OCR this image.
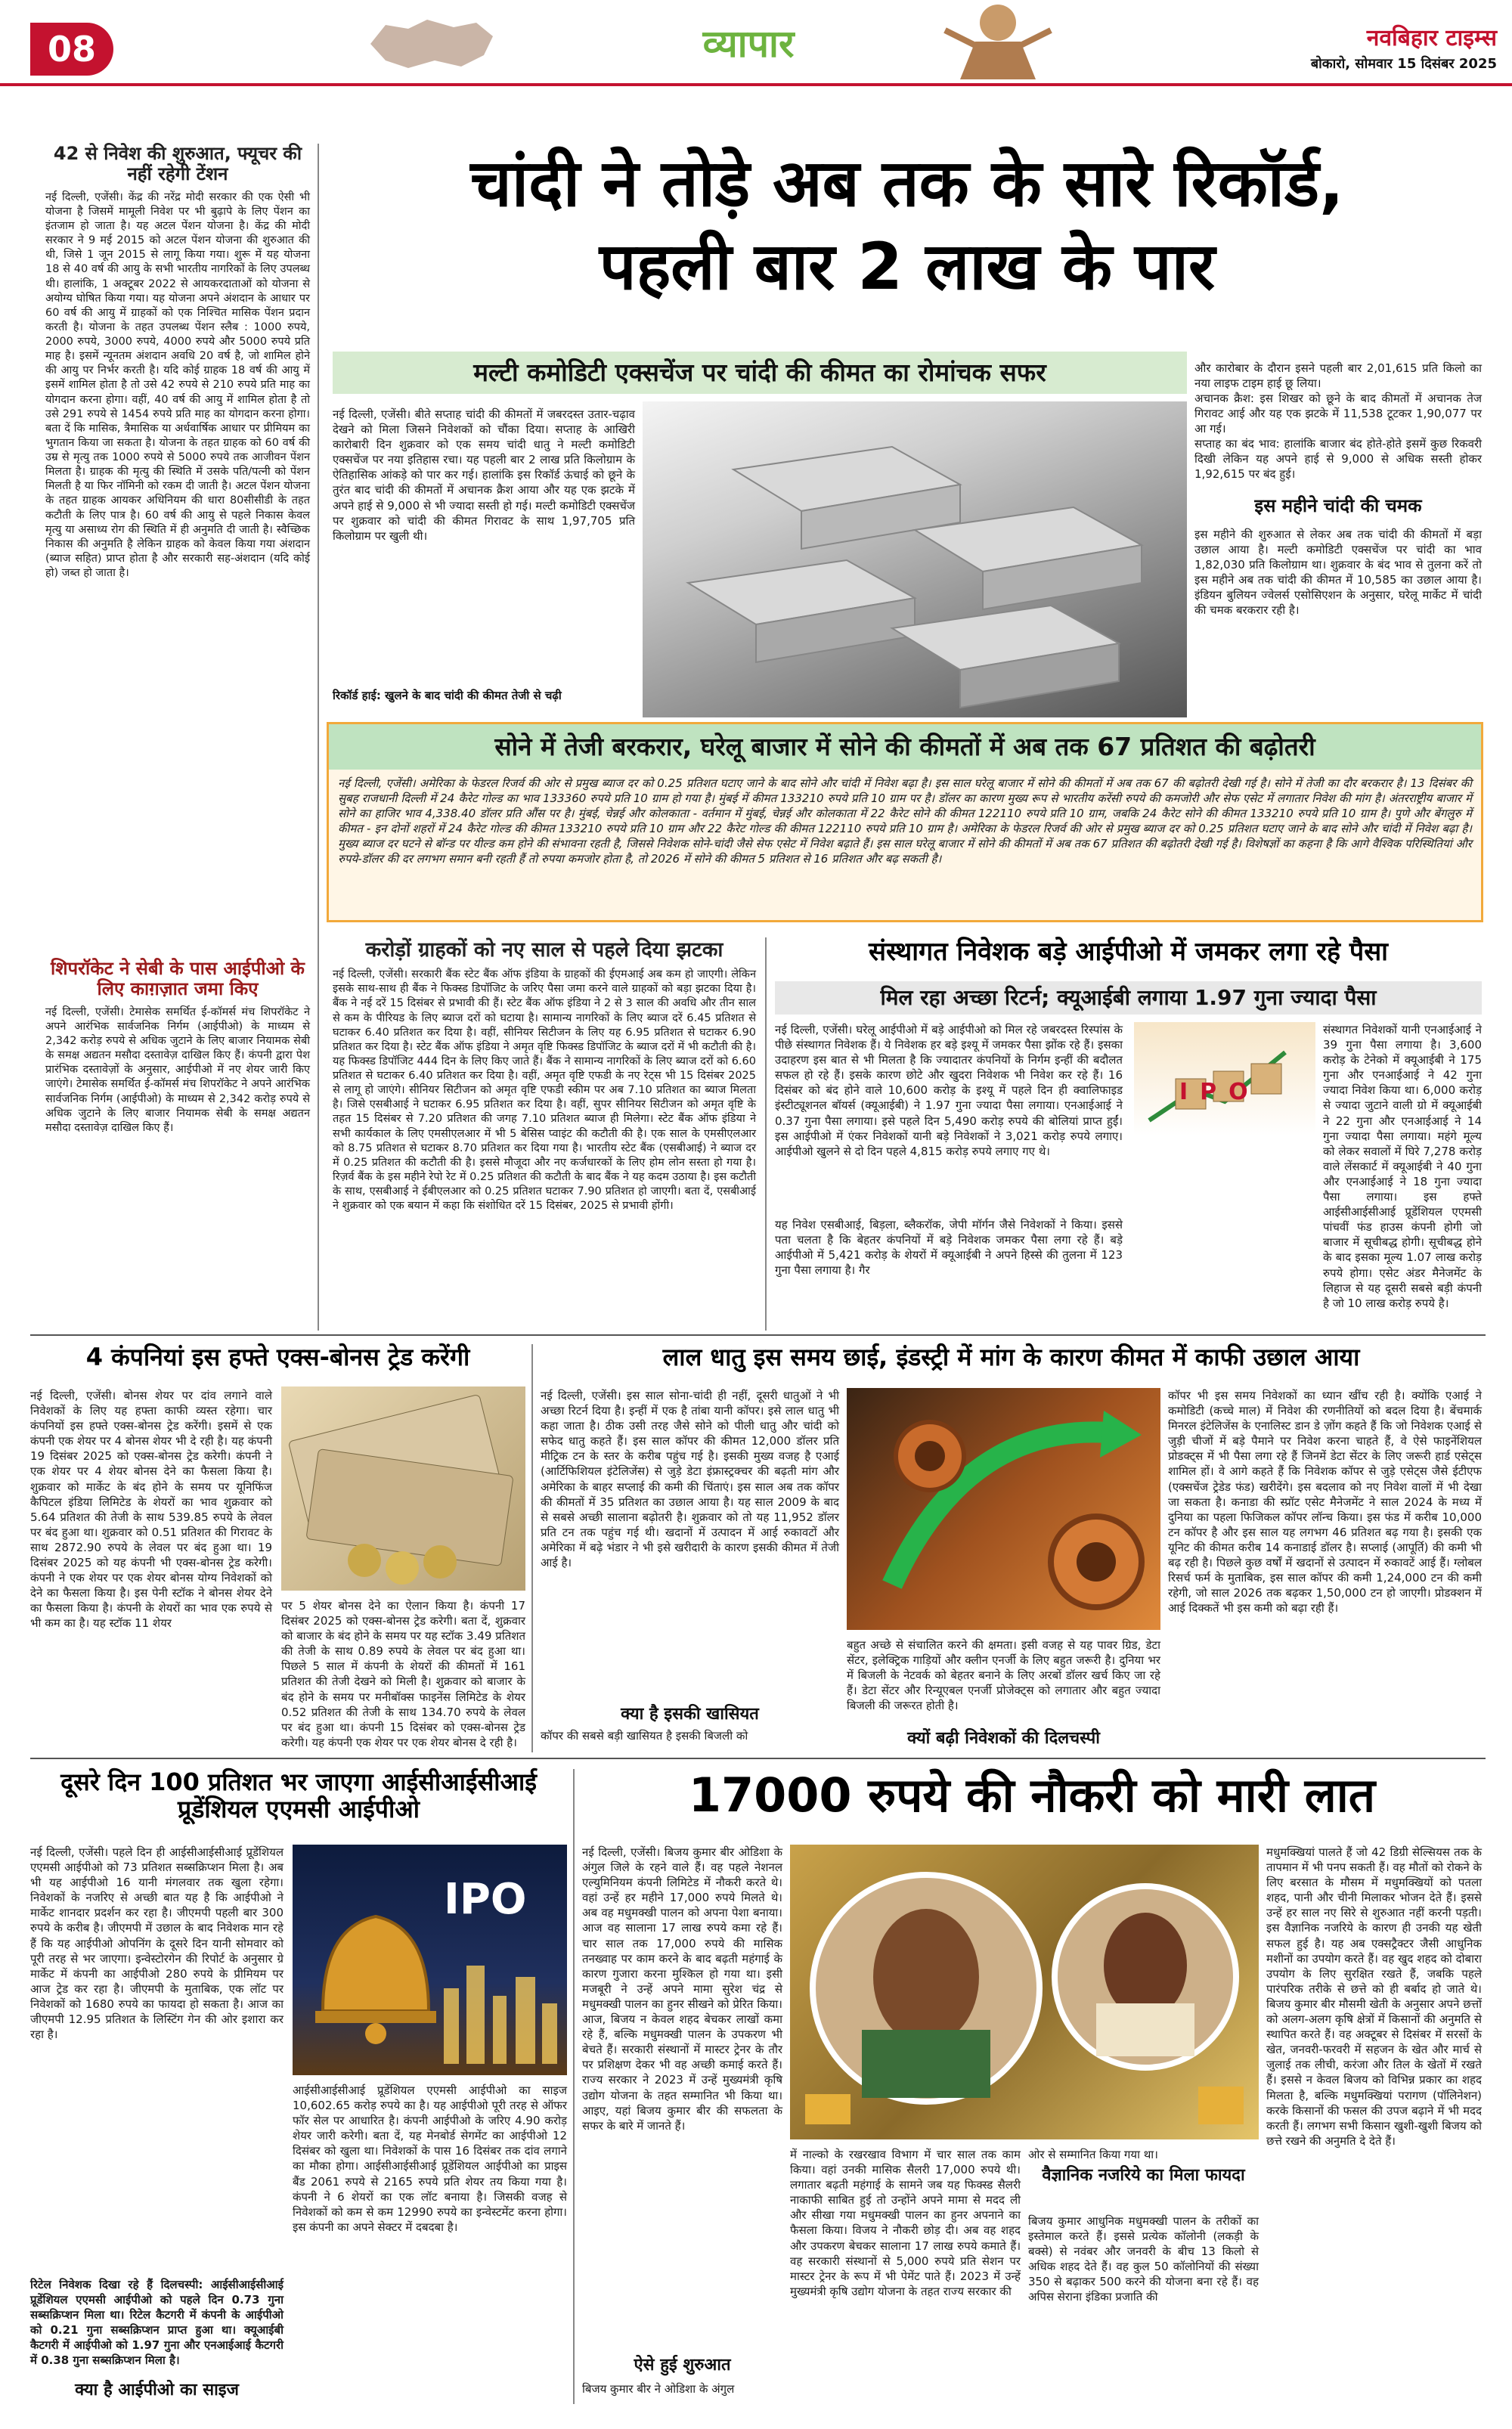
08	व्यापार	नवबिहार टाइम्स
बोकारो, सोमवार 15 दिसंबर 2025
42 से निवेश की शुरुआत, फ्यूचर की नहीं रहेगी टेंशन
नई दिल्ली, एजेंसी। केंद्र की नरेंद्र मोदी सरकार की एक ऐसी भी योजना है जिसमें मामूली निवेश पर भी बुढ़ापे के लिए पेंशन का इंतजाम हो जाता है। यह अटल पेंशन योजना है। केंद्र की मोदी सरकार ने 9 मई 2015 को अटल पेंशन योजना की शुरुआत की थी, जिसे 1 जून 2015 से लागू किया गया। शुरू में यह योजना 18 से 40 वर्ष की आयु के सभी भारतीय नागरिकों के लिए उपलब्ध थी। हालांकि, 1 अक्टूबर 2022 से आयकरदाताओं को योजना से अयोग्य घोषित किया गया। यह योजना अपने अंशदान के आधार पर 60 वर्ष की आयु में ग्राहकों को एक निश्चित मासिक पेंशन प्रदान करती है। योजना के तहत उपलब्ध पेंशन स्लैब : 1000 रुपये, 2000 रुपये, 3000 रुपये, 4000 रुपये और 5000 रुपये प्रति माह है। इसमें न्यूनतम अंशदान अवधि 20 वर्ष है, जो शामिल होने की आयु पर निर्भर करती है। यदि कोई ग्राहक 18 वर्ष की आयु में इसमें शामिल होता है तो उसे 42 रुपये से 210 रुपये प्रति माह का योगदान करना होगा। वहीं, 40 वर्ष की आयु में शामिल होता है तो उसे 291 रुपये से 1454 रुपये प्रति माह का योगदान करना होगा। बता दें कि मासिक, त्रैमासिक या अर्धवार्षिक आधार पर प्रीमियम का भुगतान किया जा सकता है। योजना के तहत ग्राहक को 60 वर्ष की उम्र से मृत्यु तक 1000 रुपये से 5000 रुपये तक आजीवन पेंशन मिलता है। ग्राहक की मृत्यु की स्थिति में उसके पति/पत्नी को पेंशन मिलती है या फिर नॉमिनी को रकम दी जाती है। अटल पेंशन योजना के तहत ग्राहक आयकर अधिनियम की धारा 80सीसीडी के तहत कटौती के लिए पात्र है। 60 वर्ष की आयु से पहले निकास केवल मृत्यु या असाध्य रोग की स्थिति में ही अनुमति दी जाती है। स्वैच्छिक निकास की अनुमति है लेकिन ग्राहक को केवल किया गया अंशदान (ब्याज सहित) प्राप्त होता है और सरकारी सह-अंशदान (यदि कोई हो) जब्त हो जाता है।
शिपरॉकेट ने सेबी के पास आईपीओ के लिए काग़ज़ात जमा किए
नई दिल्ली, एजेंसी। टेमासेक समर्थित ई-कॉमर्स मंच शिपरॉकेट ने अपने आरंभिक सार्वजनिक निर्गम (आईपीओ) के माध्यम से 2,342 करोड़ रुपये से अधिक जुटाने के लिए बाजार नियामक सेबी के समक्ष अद्यतन मसौदा दस्तावेज़ दाखिल किए हैं। कंपनी द्वारा पेश प्रारंभिक दस्तावेज़ों के अनुसार, आईपीओ में नए शेयर जारी किए जाएंगे। टेमासेक समर्थित ई-कॉमर्स मंच शिपरॉकेट ने अपने आरंभिक सार्वजनिक निर्गम (आईपीओ) के माध्यम से 2,342 करोड़ रुपये से अधिक जुटाने के लिए बाजार नियामक सेबी के समक्ष अद्यतन मसौदा दस्तावेज़ दाखिल किए हैं।
चांदी ने तोड़े अब तक के सारे रिकॉर्ड,
पहली बार 2 लाख के पार
मल्टी कमोडिटी एक्सचेंज पर चांदी की कीमत का रोमांचक सफर
नई दिल्ली, एजेंसी। बीते सप्ताह चांदी की कीमतों में जबरदस्त उतार-चढ़ाव देखने को मिला जिसने निवेशकों को चौंका दिया। सप्ताह के आखिरी कारोबारी दिन शुक्रवार को एक समय चांदी धातु ने मल्टी कमोडिटी एक्सचेंज पर नया इतिहास रचा। यह पहली बार 2 लाख प्रति किलोग्राम के ऐतिहासिक आंकड़े को पार कर गई। हालांकि इस रिकॉर्ड ऊंचाई को छूने के तुरंत बाद चांदी की कीमतों में अचानक क्रैश आया और यह एक झटके में अपने हाई से 9,000 से भी ज्यादा सस्ती हो गई। मल्टी कमोडिटी एक्सचेंज पर शुक्रवार को चांदी की कीमत गिरावट के साथ 1,97,705 प्रति किलोग्राम पर खुली थी।
रिकॉर्ड हाई: खुलने के बाद चांदी की कीमत तेजी से चढ़ी
और कारोबार के दौरान इसने पहली बार 2,01,615 प्रति किलो का नया लाइफ टाइम हाई छू लिया।
अचानक क्रैश: इस शिखर को छूने के बाद कीमतों में अचानक तेज गिरावट आई और यह एक झटके में 11,538 टूटकर 1,90,077 पर आ गई।
सप्ताह का बंद भाव: हालांकि बाजार बंद होते-होते इसमें कुछ रिकवरी दिखी लेकिन यह अपने हाई से 9,000 से अधिक सस्ती होकर 1,92,615 पर बंद हुई।
इस महीने चांदी की चमक
इस महीने की शुरुआत से लेकर अब तक चांदी की कीमतों में बड़ा उछाल आया है। मल्टी कमोडिटी एक्सचेंज पर चांदी का भाव 1,82,030 प्रति किलोग्राम था। शुक्रवार के बंद भाव से तुलना करें तो इस महीने अब तक चांदी की कीमत में 10,585 का उछाल आया है। इंडियन बुलियन ज्वेलर्स एसोसिएशन के अनुसार, घरेलू मार्केट में चांदी की चमक बरकरार रही है।
सोने में तेजी बरकरार, घरेलू बाजार में सोने की कीमतों में अब तक 67 प्रतिशत की बढ़ोतरी
नई दिल्ली, एजेंसी। अमेरिका के फेडरल रिजर्व की ओर से प्रमुख ब्याज दर को 0.25 प्रतिशत घटाए जाने के बाद सोने और चांदी में निवेश बढ़ा है। इस साल घरेलू बाजार में सोने की कीमतों में अब तक 67 की बढ़ोतरी देखी गई है। सोने में तेजी का दौर बरकरार है। 13 दिसंबर की सुबह राजधानी दिल्ली में 24 कैरेट गोल्ड का भाव 133360 रुपये प्रति 10 ग्राम हो गया है। मुंबई में कीमत 133210 रुपये प्रति 10 ग्राम पर है। डॉलर का कारण मुख्य रूप से भारतीय करेंसी रुपये की कमजोरी और सेफ एसेट में लगातार निवेश की मांग है। अंतरराष्ट्रीय बाजार में सोने का हाजिर भाव 4,338.40 डॉलर प्रति औंस पर है। मुंबई, चेन्नई और कोलकाता - वर्तमान में मुंबई, चेन्नई और कोलकाता में 22 कैरेट सोने की कीमत 122110 रुपये प्रति 10 ग्राम, जबकि 24 कैरेट सोने की कीमत 133210 रुपये प्रति 10 ग्राम है। पुणे और बेंगलुरु में कीमत - इन दोनों शहरों में 24 कैरेट गोल्ड की कीमत 133210 रुपये प्रति 10 ग्राम और 22 कैरेट गोल्ड की कीमत 122110 रुपये प्रति 10 ग्राम है। अमेरिका के फेडरल रिजर्व की ओर से प्रमुख ब्याज दर को 0.25 प्रतिशत घटाए जाने के बाद सोने और चांदी में निवेश बढ़ा है। मुख्य ब्याज दर घटने से बॉन्ड पर यील्ड कम होने की संभावना रहती है, जिससे निवेशक सोने-चांदी जैसे सेफ एसेट में निवेश बढ़ाते हैं। इस साल घरेलू बाजार में सोने की कीमतों में अब तक 67 प्रतिशत की बढ़ोतरी देखी गई है। विशेषज्ञों का कहना है कि आगे वैश्विक परिस्थितियां और रुपये-डॉलर की दर लगभग समान बनी रहती हैं तो रुपया कमजोर होता है, तो 2026 में सोने की कीमत 5 प्रतिशत से 16 प्रतिशत और बढ़ सकती है।
करोड़ों ग्राहकों को नए साल से पहले दिया झटका
नई दिल्ली, एजेंसी। सरकारी बैंक स्टेट बैंक ऑफ इंडिया के ग्राहकों की ईएमआई अब कम हो जाएगी। लेकिन इसके साथ-साथ ही बैंक ने फिक्स्ड डिपॉजिट के जरिए पैसा जमा करने वाले ग्राहकों को बड़ा झटका दिया है। बैंक ने नई दरें 15 दिसंबर से प्रभावी की हैं। स्टेट बैंक ऑफ इंडिया ने 2 से 3 साल की अवधि और तीन साल से कम के पीरियड के लिए ब्याज दरों को घटाया है। सामान्य नागरिकों के लिए ब्याज दरें 6.45 प्रतिशत से घटाकर 6.40 प्रतिशत कर दिया है। वहीं, सीनियर सिटीजन के लिए यह 6.95 प्रतिशत से घटाकर 6.90 प्रतिशत कर दिया है। स्टेट बैंक ऑफ इंडिया ने अमृत वृष्टि फिक्स्ड डिपॉजिट के ब्याज दरों में भी कटौती की है। यह फिक्स्ड डिपॉजिट 444 दिन के लिए किए जाते हैं। बैंक ने सामान्य नागरिकों के लिए ब्याज दरों को 6.60 प्रतिशत से घटाकर 6.40 प्रतिशत कर दिया है। वहीं, अमृत वृष्टि एफडी के नए रेट्स भी 15 दिसंबर 2025 से लागू हो जाएंगे। सीनियर सिटीजन को अमृत वृष्टि एफडी स्कीम पर अब 7.10 प्रतिशत का ब्याज मिलता है। जिसे एसबीआई ने घटाकर 6.95 प्रतिशत कर दिया है। वहीं, सुपर सीनियर सिटीजन को अमृत वृष्टि के तहत 15 दिसंबर से 7.20 प्रतिशत की जगह 7.10 प्रतिशत ब्याज ही मिलेगा। स्टेट बैंक ऑफ इंडिया ने सभी कार्यकाल के लिए एमसीएलआर में भी 5 बेसिस प्वाइंट की कटौती की है। एक साल के एमसीएलआर को 8.75 प्रतिशत से घटाकर 8.70 प्रतिशत कर दिया गया है। भारतीय स्टेट बैंक (एसबीआई) ने ब्याज दर में 0.25 प्रतिशत की कटौती की है। इससे मौजूदा और नए कर्जधारकों के लिए होम लोन सस्ता हो गया है। रिज़र्व बैंक के इस महीने रेपो रेट में 0.25 प्रतिशत की कटौती के बाद बैंक ने यह कदम उठाया है। इस कटौती के साथ, एसबीआई ने ईबीएलआर को 0.25 प्रतिशत घटाकर 7.90 प्रतिशत हो जाएगी। बता दें, एसबीआई ने शुक्रवार को एक बयान में कहा कि संशोधित दरें 15 दिसंबर, 2025 से प्रभावी होंगी।
संस्थागत निवेशक बड़े आईपीओ में जमकर लगा रहे पैसा
मिल रहा अच्छा रिटर्न; क्यूआईबी लगाया 1.97 गुना ज्यादा पैसा
नई दिल्ली, एजेंसी। घरेलू आईपीओ में बड़े आईपीओ को मिल रहे जबरदस्त रिस्पांस के पीछे संस्थागत निवेशक हैं। ये निवेशक हर बड़े इश्यू में जमकर पैसा झोंक रहे हैं। इसका उदाहरण इस बात से भी मिलता है कि ज्यादातर कंपनियों के निर्गम इन्हीं की बदौलत सफल हो रहे हैं। इसके कारण छोटे और खुदरा निवेशक भी निवेश कर रहे हैं। 16 दिसंबर को बंद होने वाले 10,600 करोड़ के इश्यू में पहले दिन ही क्वालिफाइड इंस्टीट्यूशनल बॉयर्स (क्यूआईबी) ने 1.97 गुना ज्यादा पैसा लगाया। एनआईआई ने 0.37 गुना पैसा लगाया। इसे पहले दिन 5,490 करोड़ रुपये की बोलियां प्राप्त हुईं। इस आईपीओ में एंकर निवेशकों यानी बड़े निवेशकों ने 3,021 करोड़ रुपये लगाए। आईपीओ खुलने से दो दिन पहले 4,815 करोड़ रुपये लगाए गए थे।
यह निवेश एसबीआई, बिड़ला, ब्लैकरॉक, जेपी मॉर्गन जैसे निवेशकों ने किया। इससे पता चलता है कि बेहतर कंपनियों में बड़े निवेशक जमकर पैसा लगा रहे हैं। बड़े आईपीओ में 5,421 करोड़ के शेयरों में क्यूआईबी ने अपने हिस्से की तुलना में 123 गुना पैसा लगाया है। गैर
IPO
संस्थागत निवेशकों यानी एनआईआई ने 39 गुना पैसा लगाया है। 3,600 करोड़ के टेनेको में क्यूआईबी ने 175 गुना और एनआईआई ने 42 गुना ज्यादा निवेश किया था। 6,000 करोड़ से ज्यादा जुटाने वाली ग्रो में क्यूआईबी ने 22 गुना और एनआईआई ने 14 गुना ज्यादा पैसा लगाया। महंगे मूल्य को लेकर सवालों में घिरे 7,278 करोड़ वाले लेंसकार्ट में क्यूआईबी ने 40 गुना और एनआईआई ने 18 गुना ज्यादा पैसा लगाया। इस हफ्ते आईसीआईसीआई प्रूडेंशियल एएमसी पांचवीं फंड हाउस कंपनी होगी जो बाजार में सूचीबद्ध होगी। सूचीबद्ध होने के बाद इसका मूल्य 1.07 लाख करोड़ रुपये होगा। एसेट अंडर मैनेजमेंट के लिहाज से यह दूसरी सबसे बड़ी कंपनी है जो 10 लाख करोड़ रुपये है।
4 कंपनियां इस हफ्ते एक्स-बोनस ट्रेड करेंगी
नई दिल्ली, एजेंसी। बोनस शेयर पर दांव लगाने वाले निवेशकों के लिए यह हफ्ता काफी व्यस्त रहेगा। चार कंपनियों इस हफ्ते एक्स-बोनस ट्रेड करेंगी। इसमें से एक कंपनी एक शेयर पर 4 बोनस शेयर भी दे रही है। यह कंपनी 19 दिसंबर 2025 को एक्स-बोनस ट्रेड करेगी। कंपनी ने एक शेयर पर 4 शेयर बोनस देने का फैसला किया है। शुक्रवार को मार्केट के बंद होने के समय पर यूनिफिंज कैपिटल इंडिया लिमिटेड के शेयरों का भाव शुक्रवार को 5.64 प्रतिशत की तेजी के साथ 539.85 रुपये के लेवल पर बंद हुआ था। शुक्रवार को 0.51 प्रतिशत की गिरावट के साथ 2872.90 रुपये के लेवल पर बंद हुआ था। 19 दिसंबर 2025 को यह कंपनी भी एक्स-बोनस ट्रेड करेगी। कंपनी ने एक शेयर पर एक शेयर बोनस योग्य निवेशकों को देने का फैसला किया है। इस पेनी स्टॉक ने बोनस शेयर देने का फैसला किया है। कंपनी के शेयरों का भाव एक रुपये से भी कम का है। यह स्टॉक 11 शेयर
पर 5 शेयर बोनस देने का ऐलान किया है। कंपनी 17 दिसंबर 2025 को एक्स-बोनस ट्रेड करेगी। बता दें, शुक्रवार को बाजार के बंद होने के समय पर यह स्टॉक 3.49 प्रतिशत की तेजी के साथ 0.89 रुपये के लेवल पर बंद हुआ था। पिछले 5 साल में कंपनी के शेयरों की कीमतों में 161 प्रतिशत की तेजी देखने को मिली है। शुक्रवार को बाजार के बंद होने के समय पर मनीबॉक्स फाइनेंस लिमिटेड के शेयर 0.52 प्रतिशत की तेजी के साथ 134.70 रुपये के लेवल पर बंद हुआ था। कंपनी 15 दिसंबर को एक्स-बोनस ट्रेड करेगी। यह कंपनी एक शेयर पर एक शेयर बोनस दे रही है।
लाल धातु इस समय छाई, इंडस्ट्री में मांग के कारण कीमत में काफी उछाल आया
नई दिल्ली, एजेंसी। इस साल सोना-चांदी ही नहीं, दूसरी धातुओं ने भी अच्छा रिटर्न दिया है। इन्हीं में एक है तांबा यानी कॉपर। इसे लाल धातु भी कहा जाता है। ठीक उसी तरह जैसे सोने को पीली धातु और चांदी को सफेद धातु कहते हैं। इस साल कॉपर की कीमत 12,000 डॉलर प्रति मीट्रिक टन के स्तर के करीब पहुंच गई है। इसकी मुख्य वजह है एआई (आर्टिफिशियल इंटेलिजेंस) से जुड़े डेटा इंफ्रास्ट्रक्चर की बढ़ती मांग और अमेरिका के बाहर सप्लाई की कमी की चिंताएं। इस साल अब तक कॉपर की कीमतों में 35 प्रतिशत का उछाल आया है। यह साल 2009 के बाद से सबसे अच्छी सालाना बढ़ोतरी है। शुक्रवार को तो यह 11,952 डॉलर प्रति टन तक पहुंच गई थी। खदानों में उत्पादन में आई रुकावटों और अमेरिका में बढ़े भंडार ने भी इसे खरीदारी के कारण इसकी कीमत में तेजी आई है।
क्या है इसकी खासियत
कॉपर की सबसे बड़ी खासियत है इसकी बिजली को
बहुत अच्छे से संचालित करने की क्षमता। इसी वजह से यह पावर ग्रिड, डेटा सेंटर, इलेक्ट्रिक गाड़ियों और क्लीन एनर्जी के लिए बहुत जरूरी है। दुनिया भर में बिजली के नेटवर्क को बेहतर बनाने के लिए अरबों डॉलर खर्च किए जा रहे हैं। डेटा सेंटर और रिन्यूएबल एनर्जी प्रोजेक्ट्स को लगातार और बहुत ज्यादा बिजली की जरूरत होती है।
क्यों बढ़ी निवेशकों की दिलचस्पी
कॉपर भी इस समय निवेशकों का ध्यान खींच रही है। क्योंकि एआई ने कमोडिटी (कच्चे माल) में निवेश की रणनीतियों को बदल दिया है। बेंचमार्क मिनरल इंटेलिजेंस के एनालिस्ट डान डे ज़ोंग कहते हैं कि जो निवेशक एआई से जुड़ी चीजों में बड़े पैमाने पर निवेश करना चाहते हैं, वे ऐसे फाइनेंशियल प्रोडक्ट्स में भी पैसा लगा रहे हैं जिनमें डेटा सेंटर के लिए जरूरी हार्ड एसेट्स शामिल हों। वे आगे कहते हैं कि निवेशक कॉपर से जुड़े एसेट्स जैसे ईटीएफ (एक्सचेंज ट्रेडेड फंड) खरीदेंगे। इस बदलाव को नए निवेश वालों में भी देखा जा सकता है। कनाडा की स्प्रॉट एसेट मैनेजमेंट ने साल 2024 के मध्य में दुनिया का पहला फिजिकल कॉपर लॉन्च किया। इस फंड में करीब 10,000 टन कॉपर है और इस साल यह लगभग 46 प्रतिशत बढ़ गया है। इसकी एक यूनिट की कीमत करीब 14 कनाडाई डॉलर है। सप्लाई (आपूर्ति) की कमी भी बढ़ रही है। पिछले कुछ वर्षों में खदानों से उत्पादन में रुकावटें आई हैं। ग्लोबल रिसर्च फर्म के मुताबिक, इस साल कॉपर की कमी 1,24,000 टन की कमी रहेगी, जो साल 2026 तक बढ़कर 1,50,000 टन हो जाएगी। प्रोडक्शन में आई दिक्कतें भी इस कमी को बढ़ा रही हैं।
दूसरे दिन 100 प्रतिशत भर जाएगा आईसीआईसीआई
प्रूडेंशियल एएमसी आईपीओ
नई दिल्ली, एजेंसी। पहले दिन ही आईसीआईसीआई प्रूडेंशियल एएमसी आईपीओ को 73 प्रतिशत सब्सक्रिप्शन मिला है। अब भी यह आईपीओ 16 यानी मंगलवार तक खुला रहेगा। निवेशकों के नजरिए से अच्छी बात यह है कि आईपीओ ने मार्केट शानदार प्रदर्शन कर रहा है। जीएमपी पहली बार 300 रुपये के करीब है। जीएमपी में उछाल के बाद निवेशक मान रहे हैं कि यह आईपीओ ओपनिंग के दूसरे दिन यानी सोमवार को पूरी तरह से भर जाएगा। इन्वेस्टोरगेन की रिपोर्ट के अनुसार ग्रे मार्केट में कंपनी का आईपीओ 280 रुपये के प्रीमियम पर आज ट्रेड कर रहा है। जीएमपी के मुताबिक, एक लॉट पर निवेशकों को 1680 रुपये का फायदा हो सकता है। आज का जीएमपी 12.95 प्रतिशत के लिस्टिंग गेन की ओर इशारा कर रहा है।
रिटेल निवेशक दिखा रहे हैं दिलचस्पी: आईसीआईसीआई प्रूडेंशियल एएमसी आईपीओ को पहले दिन 0.73 गुना सब्सक्रिप्शन मिला था। रिटेल कैटगरी में कंपनी के आईपीओ को 0.21 गुना सब्सक्रिप्शन प्राप्त हुआ था। क्यूआईबी कैटगरी में आईपीओ को 1.97 गुना और एनआईआई कैटगरी में 0.38 गुना सब्सक्रिप्शन मिला है।
क्या है आईपीओ का साइज
IPO
आईसीआईसीआई प्रूडेंशियल एएमसी आईपीओ का साइज 10,602.65 करोड़ रुपये का है। यह आईपीओ पूरी तरह से ऑफर फॉर सेल पर आधारित है। कंपनी आईपीओ के जरिए 4.90 करोड़ शेयर जारी करेगी। बता दें, यह मेनबोर्ड सेगमेंट का आईपीओ 12 दिसंबर को खुला था। निवेशकों के पास 16 दिसंबर तक दांव लगाने का मौका होगा। आईसीआईसीआई प्रूडेंशियल आईपीओ का प्राइस बैंड 2061 रुपये से 2165 रुपये प्रति शेयर तय किया गया है। कंपनी ने 6 शेयरों का एक लॉट बनाया है। जिसकी वजह से निवेशकों को कम से कम 12990 रुपये का इन्वेस्टमेंट करना होगा। इस कंपनी का अपने सेक्टर में दबदबा है।
17000 रुपये की नौकरी को मारी लात
नई दिल्ली, एजेंसी। बिजय कुमार बीर ओडिशा के अंगुल जिले के रहने वाले हैं। वह पहले नेशनल एल्युमिनियम कंपनी लिमिटेड में नौकरी करते थे। वहां उन्हें हर महीने 17,000 रुपये मिलते थे। अब वह मधुमक्खी पालन को अपना पेशा बनाया। आज वह सालाना 17 लाख रुपये कमा रहे हैं। चार साल तक 17,000 रुपये की मासिक तनख्वाह पर काम करने के बाद बढ़ती महंगाई के कारण गुजारा करना मुश्किल हो गया था। इसी मजबूरी ने उन्हें अपने मामा सुरेश चंद्र से मधुमक्खी पालन का हुनर सीखने को प्रेरित किया। आज, बिजय न केवल शहद बेचकर लाखों कमा रहे हैं, बल्कि मधुमक्खी पालन के उपकरण भी बेचते हैं। सरकारी संस्थानों में मास्टर ट्रेनर के तौर पर प्रशिक्षण देकर भी वह अच्छी कमाई करते हैं। राज्य सरकार ने 2023 में उन्हें मुख्यमंत्री कृषि उद्योग योजना के तहत सम्मानित भी किया था। आइए, यहां बिजय कुमार बीर की सफलता के सफर के बारे में जानते हैं।
ऐसे हुई शुरुआत
बिजय कुमार बीर ने ओडिशा के अंगुल
में नाल्को के रखरखाव विभाग में चार साल तक काम किया। वहां उनकी मासिक सैलरी 17,000 रुपये थी। लगातार बढ़ती महंगाई के सामने जब यह फिक्स्ड सैलरी नाकाफी साबित हुई तो उन्होंने अपने मामा से मदद ली और सीखा गया मधुमक्खी पालन का हुनर अपनाने का फैसला किया। विजय ने नौकरी छोड़ दी। अब वह शहद और उपकरण बेचकर सालाना 17 लाख रुपये कमाते हैं। वह सरकारी संस्थानों से 5,000 रुपये प्रति सेशन पर मास्टर ट्रेनर के रूप में भी पेमेंट पाते हैं। 2023 में उन्हें मुख्यमंत्री कृषि उद्योग योजना के तहत राज्य सरकार की
ओर से सम्मानित किया गया था।
वैज्ञानिक नजरिये का मिला फायदा
बिजय कुमार आधुनिक मधुमक्खी पालन के तरीकों का इस्तेमाल करते हैं। इससे प्रत्येक कॉलोनी (लकड़ी के बक्से) से नवंबर और जनवरी के बीच 13 किलो से अधिक शहद देते हैं। वह कुल 50 कॉलोनियों की संख्या 350 से बढ़ाकर 500 करने की योजना बना रहे हैं। वह अपिस सेराना इंडिका प्रजाति की
मधुमक्खियां पालते हैं जो 42 डिग्री सेल्सियस तक के तापमान में भी पनप सकती हैं। वह मौतों को रोकने के लिए बरसात के मौसम में मधुमक्खियों को पतला शहद, पानी और चीनी मिलाकर भोजन देते हैं। इससे उन्हें हर साल नए सिरे से शुरुआत नहीं करनी पड़ती। इस वैज्ञानिक नजरिये के कारण ही उनकी यह खेती सफल हुई है। यह अब एक्सट्रैक्टर जैसी आधुनिक मशीनों का उपयोग करते हैं। वह खुद शहद को दोबारा उपयोग के लिए सुरक्षित रखते हैं, जबकि पहले पारंपरिक तरीके से छत्ते को ही बर्बाद हो जाते थे। बिजय कुमार बीर मौसमी खेती के अनुसार अपने छत्तों को अलग-अलग कृषि क्षेत्रों में किसानों की अनुमति से स्थापित करते हैं। वह अक्टूबर से दिसंबर में सरसों के खेत, जनवरी-फरवरी में सहजन के खेत और मार्च से जुलाई तक लीची, करंजा और तिल के खेतों में रखते हैं। इससे न केवल बिजय को विभिन्न प्रकार का शहद मिलता है, बल्कि मधुमक्खियां परागण (पॉलिनेशन) करके किसानों की फसल की उपज बढ़ाने में भी मदद करती हैं। लगभग सभी किसान खुशी-खुशी बिजय को छत्ते रखने की अनुमति दे देते हैं।
